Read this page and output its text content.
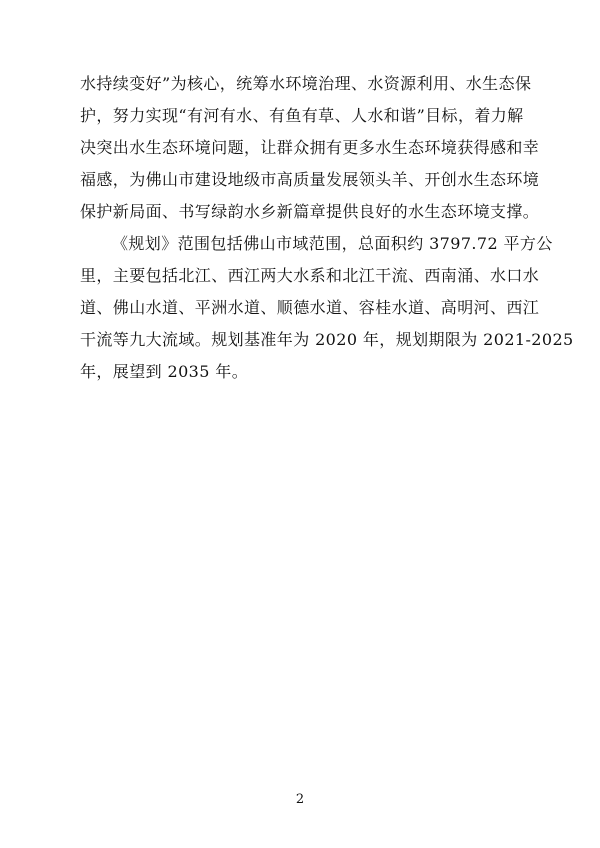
水持续变好”为核心，统筹水环境治理、水资源利用、水生态保
护，努力实现“有河有水、有鱼有草、人水和谐”目标，着力解
决突出水生态环境问题，让群众拥有更多水生态环境获得感和幸
福感，为佛山市建设地级市高质量发展领头羊、开创水生态环境
保护新局面、书写绿韵水乡新篇章提供良好的水生态环境支撑。
《规划》范围包括佛山市域范围，总面积约 3797.72 平方公
里，主要包括北江、西江两大水系和北江干流、西南涌、水口水
道、佛山水道、平洲水道、顺德水道、容桂水道、高明河、西江
干流等九大流域。规划基准年为 2020 年，规划期限为 2021-2025
年，展望到 2035 年。
2
